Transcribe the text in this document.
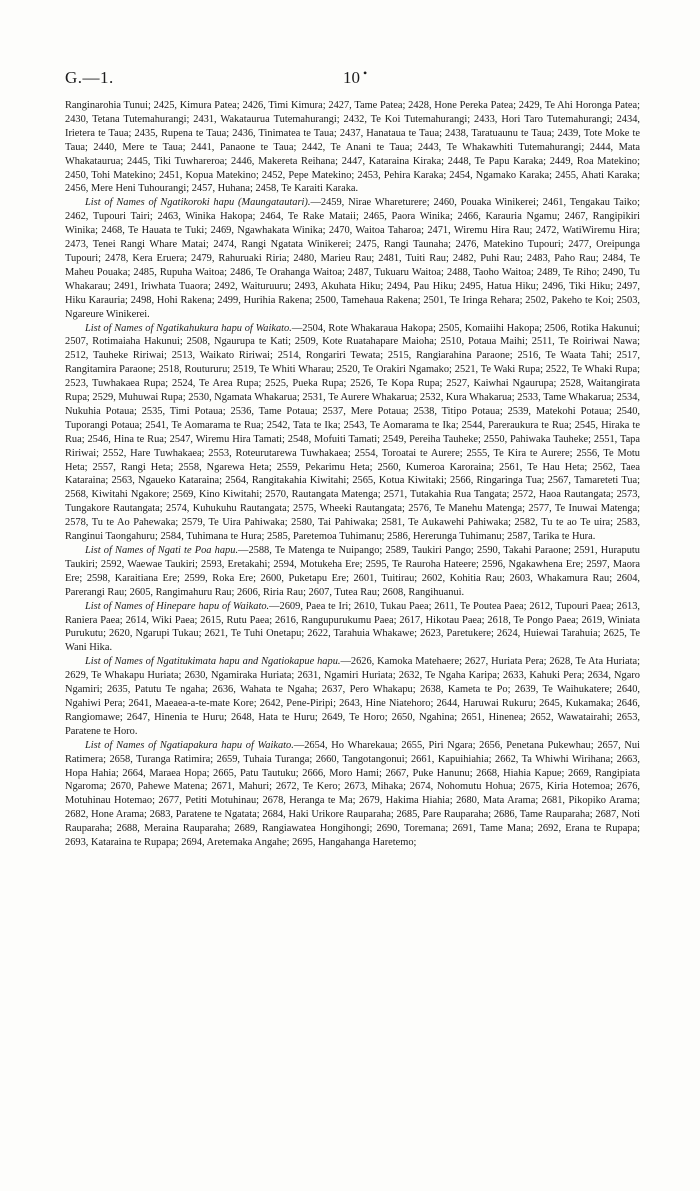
G.—1.	10 •

Ranginarohia Tunui; 2425, Kimura Patea; 2426, Timi Kimura; 2427, Tame Patea; 2428, Hone Pereka Patea; 2429, Te Ahi Horonga Patea; 2430, Tetana Tutemahurangi; 2431, Wakatauruа Tutemahurangi; 2432, Te Koi Tutemahurangi; 2433, Hori Taro Tutemahurangi; 2434, Irietera te Taua; 2435, Rupena te Taua; 2436, Tinimatea te Taua; 2437, Hanataua te Taua; 2438, Taratuaunu te Taua; 2439, Tote Moke te Taua; 2440, Mere te Taua; 2441, Panaone te Taua; 2442, Te Anani te Taua; 2443, Te Whakawhiti Tutemahurangi; 2444, Mata Whakatauruа; 2445, Tiki Tuwharеroa; 2446, Makereta Reihana; 2447, Kataraina Kiraka; 2448, Te Papu Karaka; 2449, Roa Matekino; 2450, Tohi Matekino; 2451, Kopua Matekino; 2452, Pepe Matekino; 2453, Pehira Karaka; 2454, Ngamako Karaka; 2455, Ahati Karaka; 2456, Mere Heni Tuhourangi; 2457, Huhana; 2458, Te Karaiti Karaka.

List of Names of Ngatikoroki hapu (Maungatautari).—2459, Nirae Wharеturere; 2460, Pouaka Winikerei; 2461, Tengakau Taiko; 2462, Tupouri Tairi; 2463, Winika Hakopa; 2464, Te Rake Mataii; 2465, Paora Winika; 2466, Karauria Ngamu; 2467, Rangipikiri Winika; 2468, Te Hauata te Tuki; 2469, Ngawhakata Winika; 2470, Waitoa Taharoa; 2471, Wiremu Hira Rau; 2472, WatiWiremu Hira; 2473, Tenei Rangi Whare Matai; 2474, Rangi Ngatata Winikerei; 2475, Rangi Taunaha; 2476, Matekino Tupouri; 2477, Oreipunga Tupouri; 2478, Kera Eruera; 2479, Rahuruaki Riria; 2480, Marieu Rau; 2481, Tuiti Rau; 2482, Puhi Rau; 2483, Paho Rau; 2484, Te Maheu Pouaka; 2485, Rupuha Waitoa; 2486, Te Orahanga Waitoa; 2487, Tukuaru Waitoa; 2488, Taoho Waitoa; 2489, Te Riho; 2490, Tu Whakarau; 2491, Iriwhata Tuaora; 2492, Waituruuru; 2493, Akuhata Hiku; 2494, Pau Hiku; 2495, Hatua Hiku; 2496, Tiki Hiku; 2497, Hiku Karauria; 2498, Hohi Rakena; 2499, Hurihia Rakena; 2500, Tamehaua Rakena; 2501, Te Iringa Rehara; 2502, Pakeho te Koi; 2503, Ngareure Winikerei.

List of Names of Ngatikahukura hapu of Waikato.—2504, Rote Whakaraua Hakopa; 2505, Komaiihi Hakopa; 2506, Rotika Hakunui; 2507, Rotimaiaha Hakunui; 2508, Ngaurupa te Kati; 2509, Kote Ruatahapare Maioha; 2510, Potaua Maihi; 2511, Te Roiriwai Nawa; 2512, Tauheke Ririwai; 2513, Waikato Ririwai; 2514, Rongariri Tewata; 2515, Rangiarahina Paraone; 2516, Te Waata Tahi; 2517, Rangitamira Paraone; 2518, Routururu; 2519, Te Whiti Wharau; 2520, Te Orakiri Ngamako; 2521, Te Waki Rupa; 2522, Te Whaki Rupa; 2523, Tuwhakaea Rupa; 2524, Te Area Rupa; 2525, Pueka Rupa; 2526, Te Kopa Rupa; 2527, Kaiwhai Ngaurupa; 2528, Waitangirata Rupa; 2529, Muhuwai Rupa; 2530, Ngamata Whakarua; 2531, Te Aurere Whakarua; 2532, Kura Whakarua; 2533, Tame Whakarua; 2534, Nukuhia Potaua; 2535, Timi Potaua; 2536, Tame Potaua; 2537, Mere Potaua; 2538, Titipo Potaua; 2539, Matekohi Potaua; 2540, Tuporangi Potaua; 2541, Te Aomarama te Rua; 2542, Tata te Ika; 2543, Te Aomarama te Ika; 2544, Pareraukura te Rua; 2545, Hiraka te Rua; 2546, Hina te Rua; 2547, Wiremu Hira Tamati; 2548, Mofuiti Tamati; 2549, Pereiha Tauheke; 2550, Pahiwaka Tauheke; 2551, Tapa Ririwai; 2552, Hare Tuwhakaea; 2553, Roteurutarewa Tuwhakaea; 2554, Toroatai te Aurere; 2555, Te Kira te Aurere; 2556, Te Motu Heta; 2557, Rangi Heta; 2558, Ngarewa Heta; 2559, Pekarimu Heta; 2560, Kumeroa Karoraina; 2561, Te Hau Heta; 2562, Taea Kataraina; 2563, Ngaueko Kataraina; 2564, Rangitakahia Kiwitahi; 2565, Kotua Kiwitaki; 2566, Ringaringa Tua; 2567, Tamareteti Tua; 2568, Kiwitahi Ngakore; 2569, Kino Kiwitahi; 2570, Rautangata Matenga; 2571, Tutakahia Rua Tangata; 2572, Haoa Rautangata; 2573, Tungakore Rautangata; 2574, Kuhukuhu Rautangata; 2575, Wheeki Rautangata; 2576, Te Manehu Matenga; 2577, Te Inuwai Matenga; 2578, Tu te Ao Pahewaka; 2579, Te Uira Pahiwaka; 2580, Tai Pahiwaka; 2581, Te Aukawehi Pahiwaka; 2582, Tu te ao Te uira; 2583, Ranginui Taongahuru; 2584, Tuhimana te Hura; 2585, Paretemoa Tuhimanu; 2586, Hererunga Tuhimanu; 2587, Tarika te Hura.

List of Names of Ngati te Poa hapu.—2588, Te Matenga te Nuipango; 2589, Taukiri Pango; 2590, Takahi Paraone; 2591, Huraputu Taukiri; 2592, Waewae Taukiri; 2593, Eretakahi; 2594, Motukeha Ere; 2595, Te Rauroha Hateere; 2596, Ngakawhena Ere; 2597, Maora Ere; 2598, Karaitiana Ere; 2599, Roka Ere; 2600, Puketapu Ere; 2601, Tuitirau; 2602, Kohitia Rau; 2603, Whakamura Rau; 2604, Parerangi Rau; 2605, Rangimahuru Rau; 2606, Riria Rau; 2607, Tutea Rau; 2608, Rangihuanui.

List of Names of Hineparе hapu of Waikato.—2609, Paea te Iri; 2610, Tukau Paea; 2611, Te Poutea Paea; 2612, Tupouri Paea; 2613, Raniera Paea; 2614, Wiki Paea; 2615, Rutu Paea; 2616, Rangupurukumu Paea; 2617, Hikotau Paea; 2618, Te Pongo Paea; 2619, Winiata Purukutu; 2620, Ngarupi Tukau; 2621, Te Tuhi Onetapu; 2622, Tarahuia Whakawe; 2623, Paretukere; 2624, Huiewai Tarahuia; 2625, Te Wani Hika.

List of Names of Ngatitukimata hapu and Ngatiokapue hapu.—2626, Kamoka Matehaere; 2627, Huriata Pera; 2628, Te Ata Huriata; 2629, Te Whakapu Huriata; 2630, Ngamiraka Huriata; 2631, Ngamiri Huriata; 2632, Te Ngaha Karipa; 2633, Kahuki Pera; 2634, Ngaro Ngamiri; 2635, Patutu Te ngaha; 2636, Wahata te Ngaha; 2637, Pero Whakapu; 2638, Kameta te Po; 2639, Te Waihukatere; 2640, Ngahiwi Pera; 2641, Maeaea-a-te-mate Kore; 2642, Pene-Piripi; 2643, Hine Niatehoro; 2644, Haruwai Rukuru; 2645, Kukamaka; 2646, Rangiomawe; 2647, Hinenia te Huru; 2648, Hata te Huru; 2649, Te Horo; 2650, Ngahina; 2651, Hinenea; 2652, Wawatairahi; 2653, Paratene te Horo.

List of Names of Ngatiapakura hapu of Waikato.—2654, Ho Wharekaua; 2655, Piri Ngara; 2656, Penetana Pukewhau; 2657, Nui Ratimera; 2658, Turanga Ratimira; 2659, Tuhaia Turanga; 2660, Tangotangonui; 2661, Kapuihiahia; 2662, Ta Whiwhi Wirihana; 2663, Hopa Hahia; 2664, Maraea Hopa; 2665, Patu Tautuku; 2666, Moro Hami; 2667, Puke Hanunu; 2668, Hiahia Kapue; 2669, Rangipiata Ngaroma; 2670, Pahewe Matena; 2671, Mahuri; 2672, Te Kero; 2673, Mihaka; 2674, Nohomutu Hohua; 2675, Kiria Hotemoa; 2676, Motuhinau Hotemao; 2677, Petiti Motuhinau; 2678, Herangа te Ma; 2679, Hakima Hiahia; 2680, Mata Arama; 2681, Pikopiko Arama; 2682, Hone Arama; 2683, Paratene te Ngatata; 2684, Haki Urikore Rauparaha; 2685, Pare Rauparaha; 2686, Tame Rauparaha; 2687, Noti Rauparaha; 2688, Meraina Rauparaha; 2689, Rangiawatea Hongihongi; 2690, Toremana; 2691, Tame Mana; 2692, Erana te Rupapa; 2693, Kataraina te Rupapa; 2694, Aretemaka Angahe; 2695, Hangahanga Haretemo;
